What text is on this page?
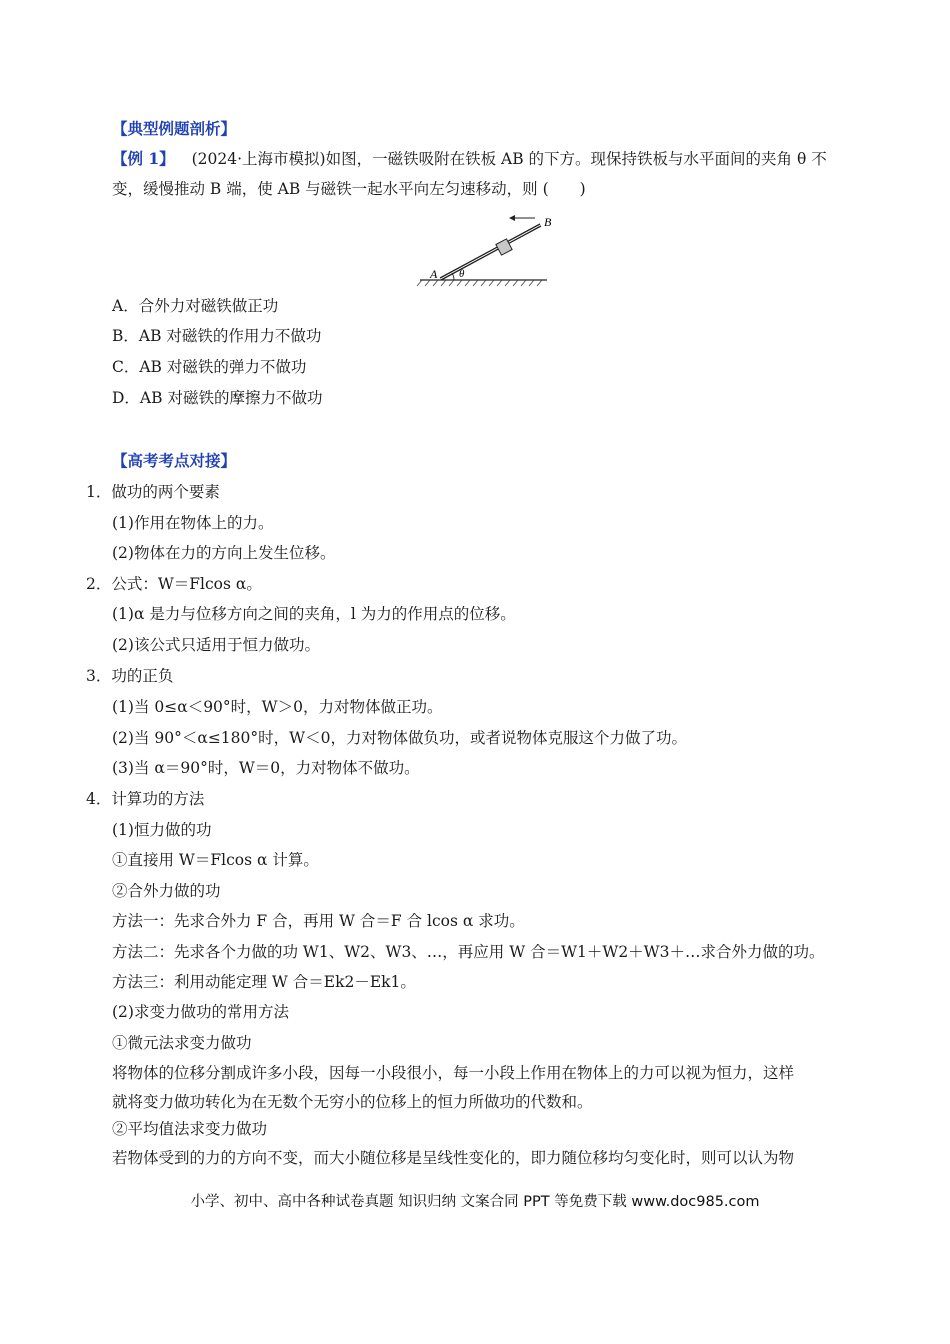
【典型例题剖析】
【例 1】 (2024·上海市模拟)如图，一磁铁吸附在铁板 AB 的下方。现保持铁板与水平面间的夹角 θ 不
变，缓慢推动 B 端，使 AB 与磁铁一起水平向左匀速移动，则 (　　)
A
B
θ
A．合外力对磁铁做正功
B．AB 对磁铁的作用力不做功
C．AB 对磁铁的弹力不做功
D．AB 对磁铁的摩擦力不做功
【高考考点对接】
1．做功的两个要素
(1)作用在物体上的力。
(2)物体在力的方向上发生位移。
2．公式：W＝Flcos α。
(1)α 是力与位移方向之间的夹角，l 为力的作用点的位移。
(2)该公式只适用于恒力做功。
3．功的正负
(1)当 0≤α＜90°时，W＞0，力对物体做正功。
(2)当 90°＜α≤180°时，W＜0，力对物体做负功，或者说物体克服这个力做了功。
(3)当 α＝90°时，W＝0，力对物体不做功。
4．计算功的方法
(1)恒力做的功
①直接用 W＝Flcos α 计算。
②合外力做的功
方法一：先求合外力 F 合，再用 W 合＝F 合 lcos α 求功。
方法二：先求各个力做的功 W1、W2、W3、…，再应用 W 合＝W1＋W2＋W3＋…求合外力做的功。
方法三：利用动能定理 W 合＝Ek2－Ek1。
(2)求变力做功的常用方法
①微元法求变力做功
将物体的位移分割成许多小段，因每一小段很小，每一小段上作用在物体上的力可以视为恒力，这样
就将变力做功转化为在无数个无穷小的位移上的恒力所做功的代数和。
②平均值法求变力做功
若物体受到的力的方向不变，而大小随位移是呈线性变化的，即力随位移均匀变化时，则可以认为物
小学、初中、高中各种试卷真题 知识归纳 文案合同 PPT 等免费下载 www.doc985.com
